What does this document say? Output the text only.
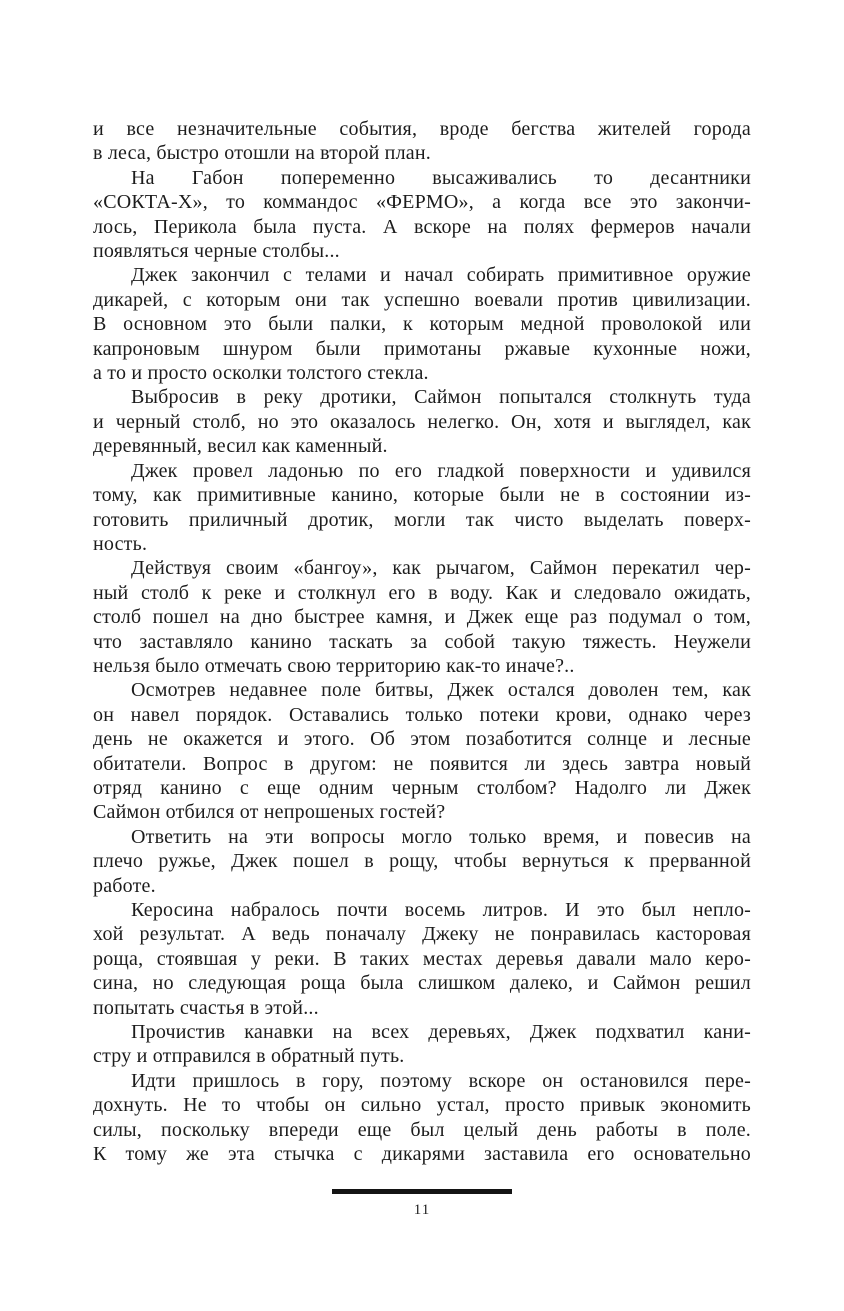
и все незначительные события, вроде бегства жителей города
в леса, быстро отошли на второй план.
На Габон попеременно высаживались то десантники
«СОКТА-Х», то коммандос «ФЕРМО», а когда все это закончи-
лось, Перикола была пуста. А вскоре на полях фермеров начали
появляться черные столбы...
Джек закончил с телами и начал собирать примитивное оружие
дикарей, с которым они так успешно воевали против цивилизации.
В основном это были палки, к которым медной проволокой или
капроновым шнуром были примотаны ржавые кухонные ножи,
а то и просто осколки толстого стекла.
Выбросив в реку дротики, Саймон попытался столкнуть туда
и черный столб, но это оказалось нелегко. Он, хотя и выглядел, как
деревянный, весил как каменный.
Джек провел ладонью по его гладкой поверхности и удивился
тому, как примитивные канино, которые были не в состоянии из-
готовить приличный дротик, могли так чисто выделать поверх-
ность.
Действуя своим «бангоу», как рычагом, Саймон перекатил чер-
ный столб к реке и столкнул его в воду. Как и следовало ожидать,
столб пошел на дно быстрее камня, и Джек еще раз подумал о том,
что заставляло канино таскать за собой такую тяжесть. Неужели
нельзя было отмечать свою территорию как-то иначе?..
Осмотрев недавнее поле битвы, Джек остался доволен тем, как
он навел порядок. Оставались только потеки крови, однако через
день не окажется и этого. Об этом позаботится солнце и лесные
обитатели. Вопрос в другом: не появится ли здесь завтра новый
отряд канино с еще одним черным столбом? Надолго ли Джек
Саймон отбился от непрошеных гостей?
Ответить на эти вопросы могло только время, и повесив на
плечо ружье, Джек пошел в рощу, чтобы вернуться к прерванной
работе.
Керосина набралось почти восемь литров. И это был непло-
хой результат. А ведь поначалу Джеку не понравилась касторовая
роща, стоявшая у реки. В таких местах деревья давали мало керо-
сина, но следующая роща была слишком далеко, и Саймон решил
попытать счастья в этой...
Прочистив канавки на всех деревьях, Джек подхватил кани-
стру и отправился в обратный путь.
Идти пришлось в гору, поэтому вскоре он остановился пере-
дохнуть. Не то чтобы он сильно устал, просто привык экономить
силы, поскольку впереди еще был целый день работы в поле.
К тому же эта стычка с дикарями заставила его основательно
11
